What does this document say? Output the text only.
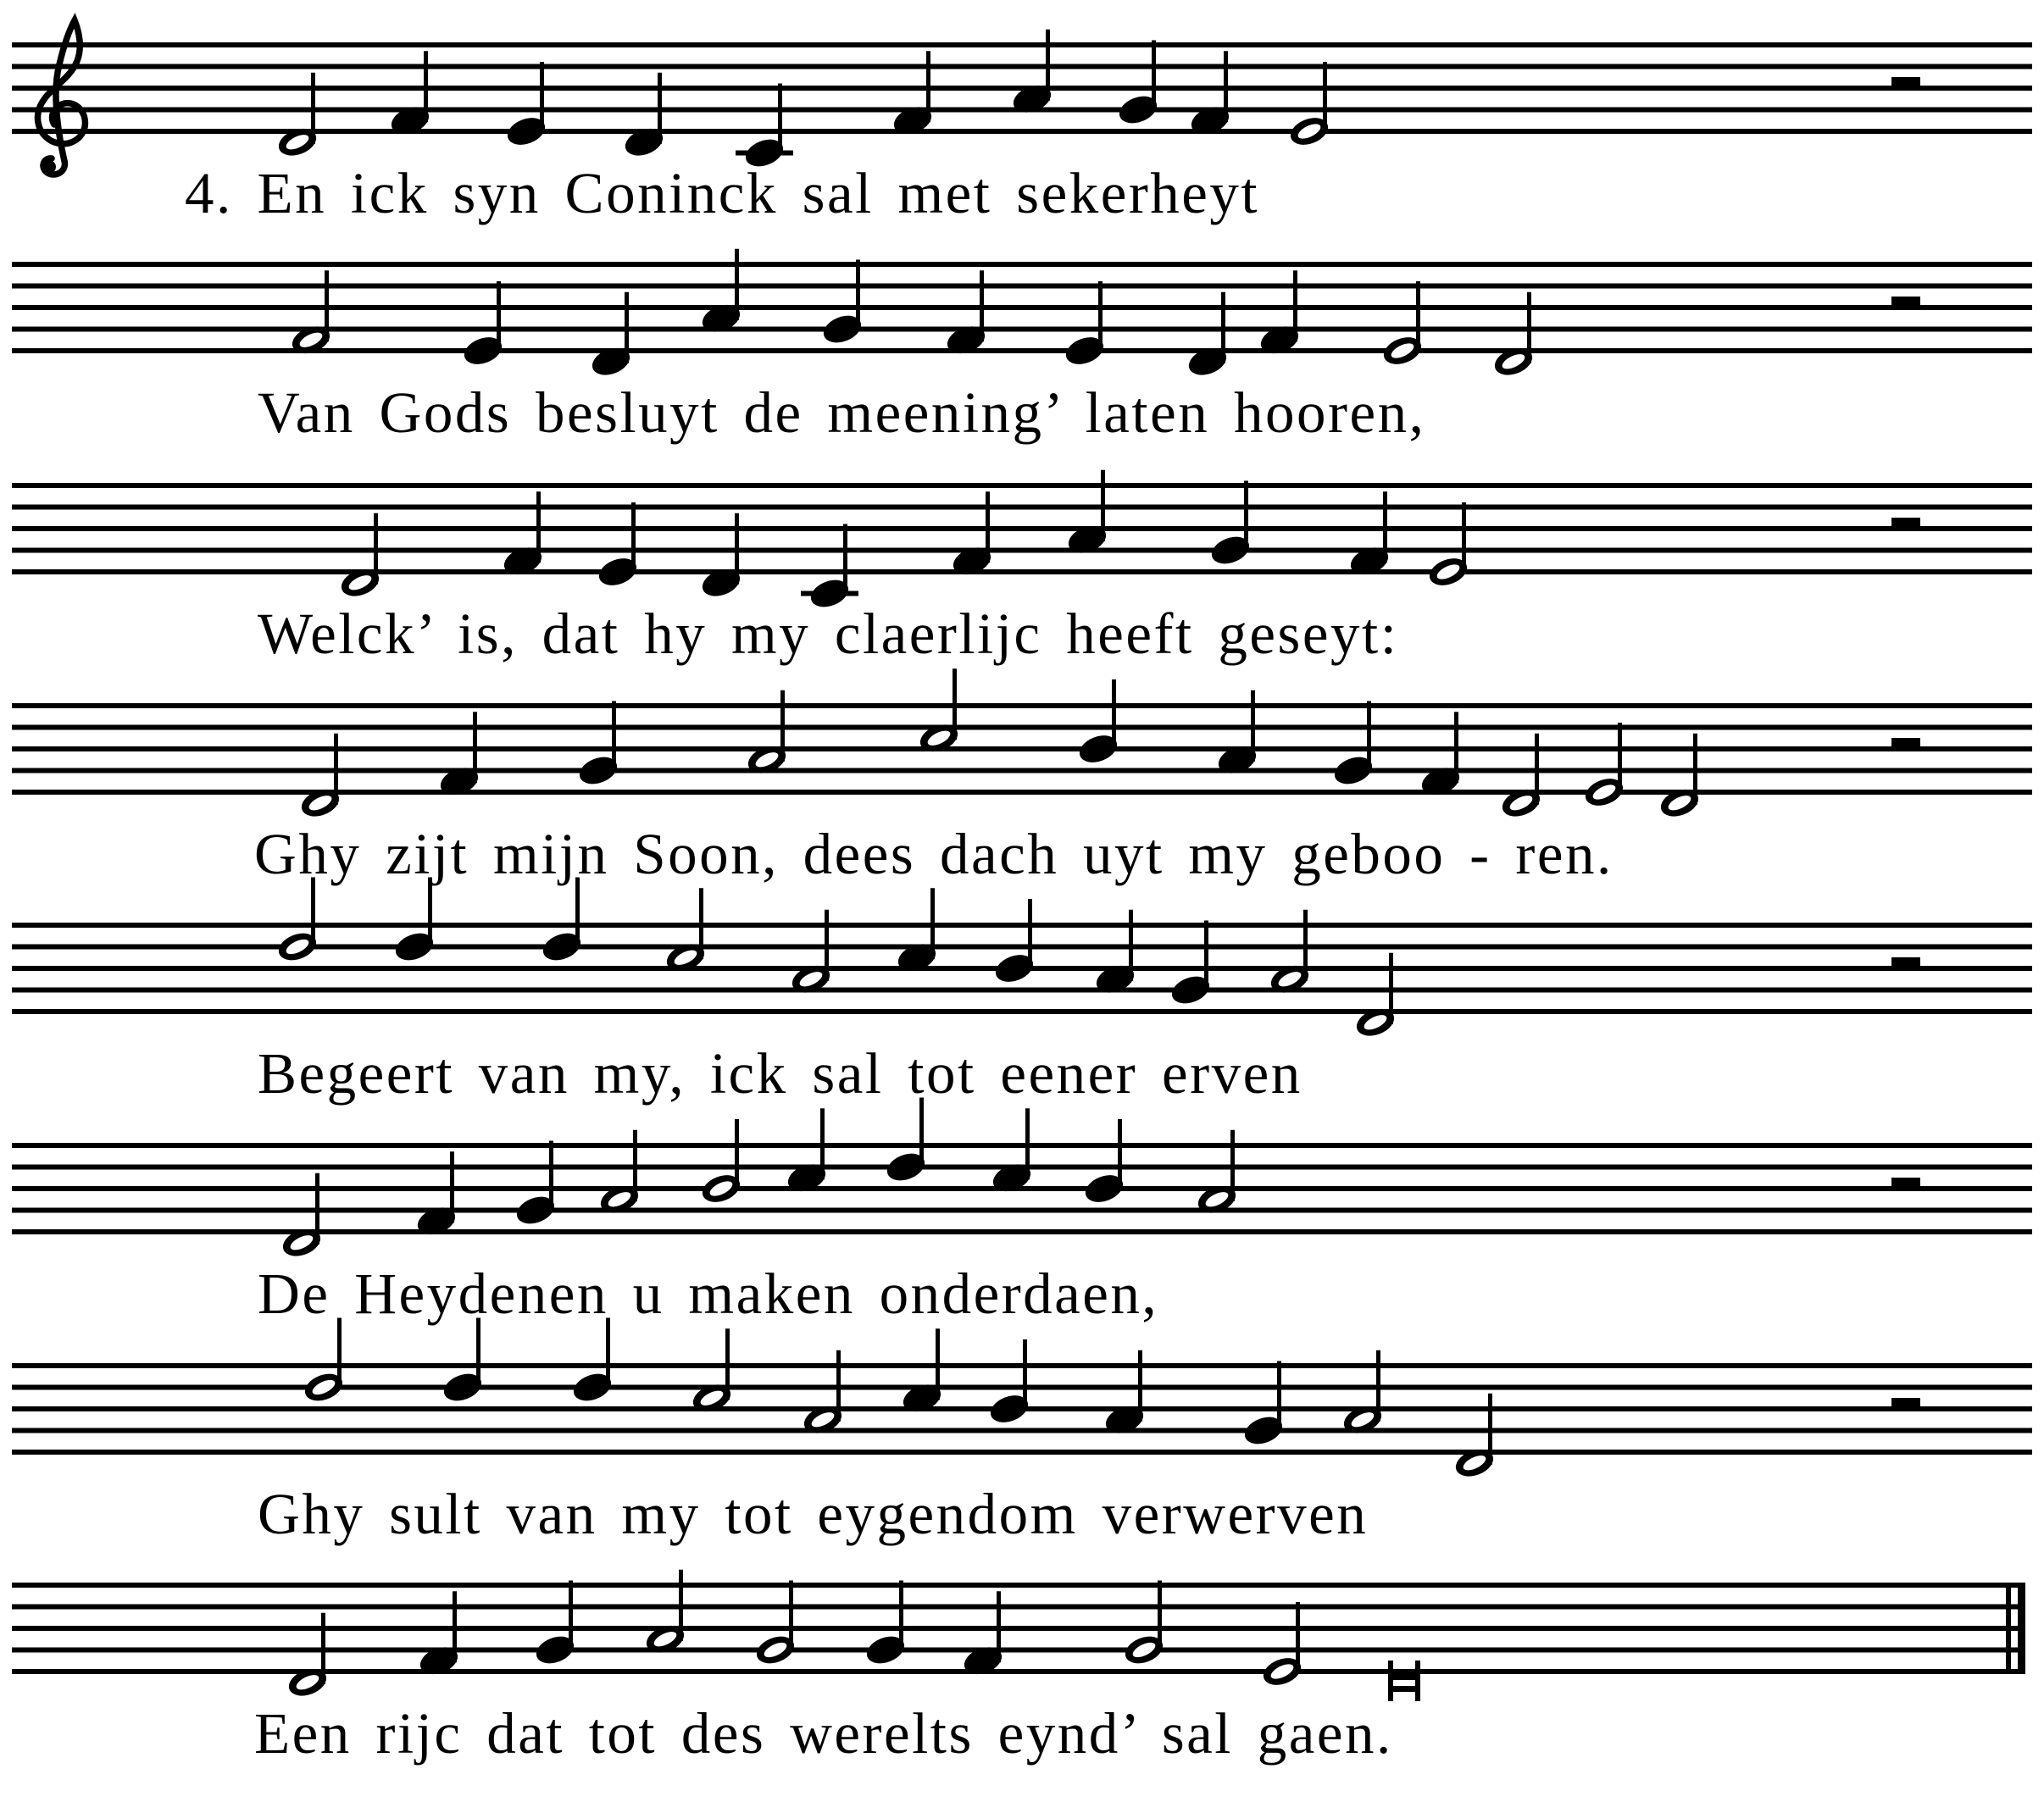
4. En ick syn Coninck sal met sekerheyt
Van Gods besluyt de meening’ laten hooren,
Welck’ is, dat hy my claerlijc heeft geseyt:
Ghy zijt mijn Soon, dees dach uyt my geboo - ren.
Begeert van my, ick sal tot eener erven
De Heydenen u maken onderdaen,
Ghy sult van my tot eygendom verwerven
Een rijc dat tot des werelts eynd’ sal gaen.
